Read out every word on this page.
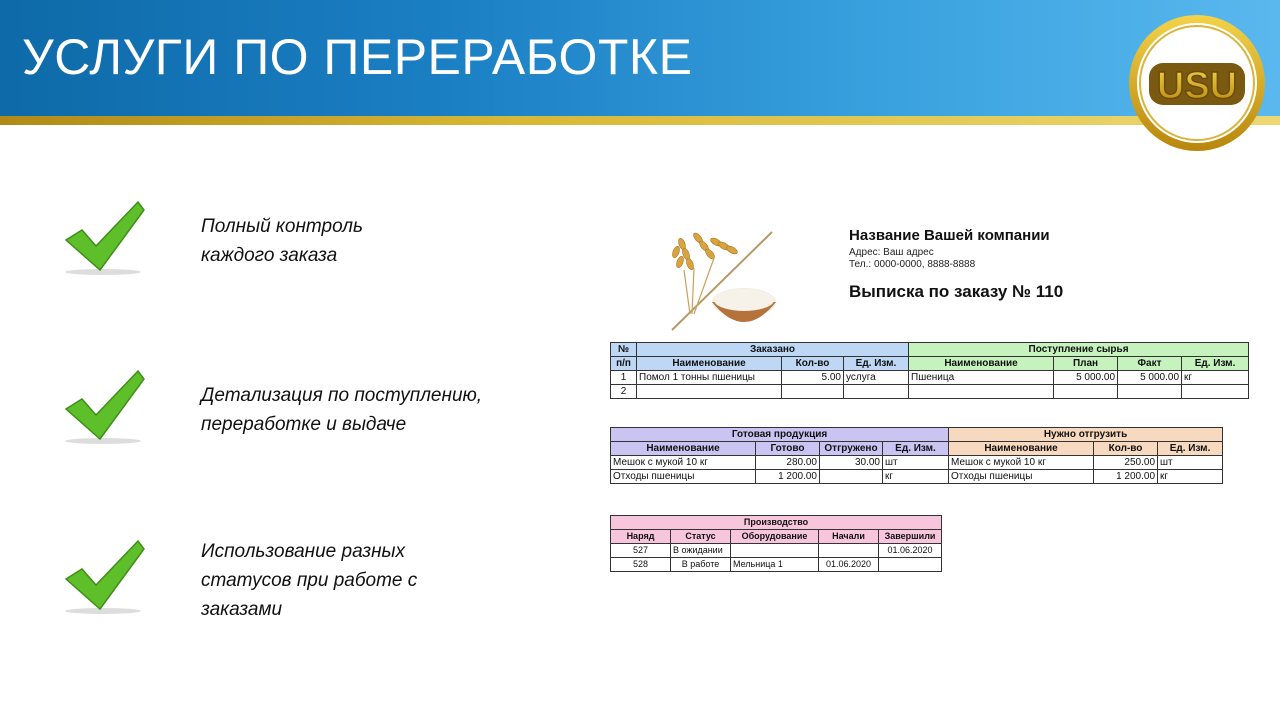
УСЛУГИ ПО ПЕРЕРАБОТКЕ
USU
Полный контроль
каждого заказа
Детализация по поступлению,
переработке и выдаче
Использование разных
статусов при работе с
заказами
Название Вашей компании
Адрес: Ваш адрес
Тел.: 0000-0000, 8888-8888
Выписка по заказу № 110
№	Заказано			Поступление сырья			
п/п	Наименование	Кол-во	Ед. Изм.	Наименование	План	Факт	Ед. Изм.
1	Помол 1 тонны пшеницы	5.00	услуга	Пшеница	5 000.00	5 000.00	кг
2							
Готовая продукция				Нужно отгрузить		
Наименование	Готово	Отгружено	Ед. Изм.	Наименование	Кол-во	Ед. Изм.
Мешок с мукой 10 кг	280.00	30.00	шт	Мешок с мукой 10 кг	250.00	шт
Отходы пшеницы	1 200.00		кг	Отходы пшеницы	1 200.00	кг
Производство				
Наряд	Статус	Оборудование	Начали	Завершили
527	В ожидании			01.06.2020
528	В работе	Мельница 1	01.06.2020	
